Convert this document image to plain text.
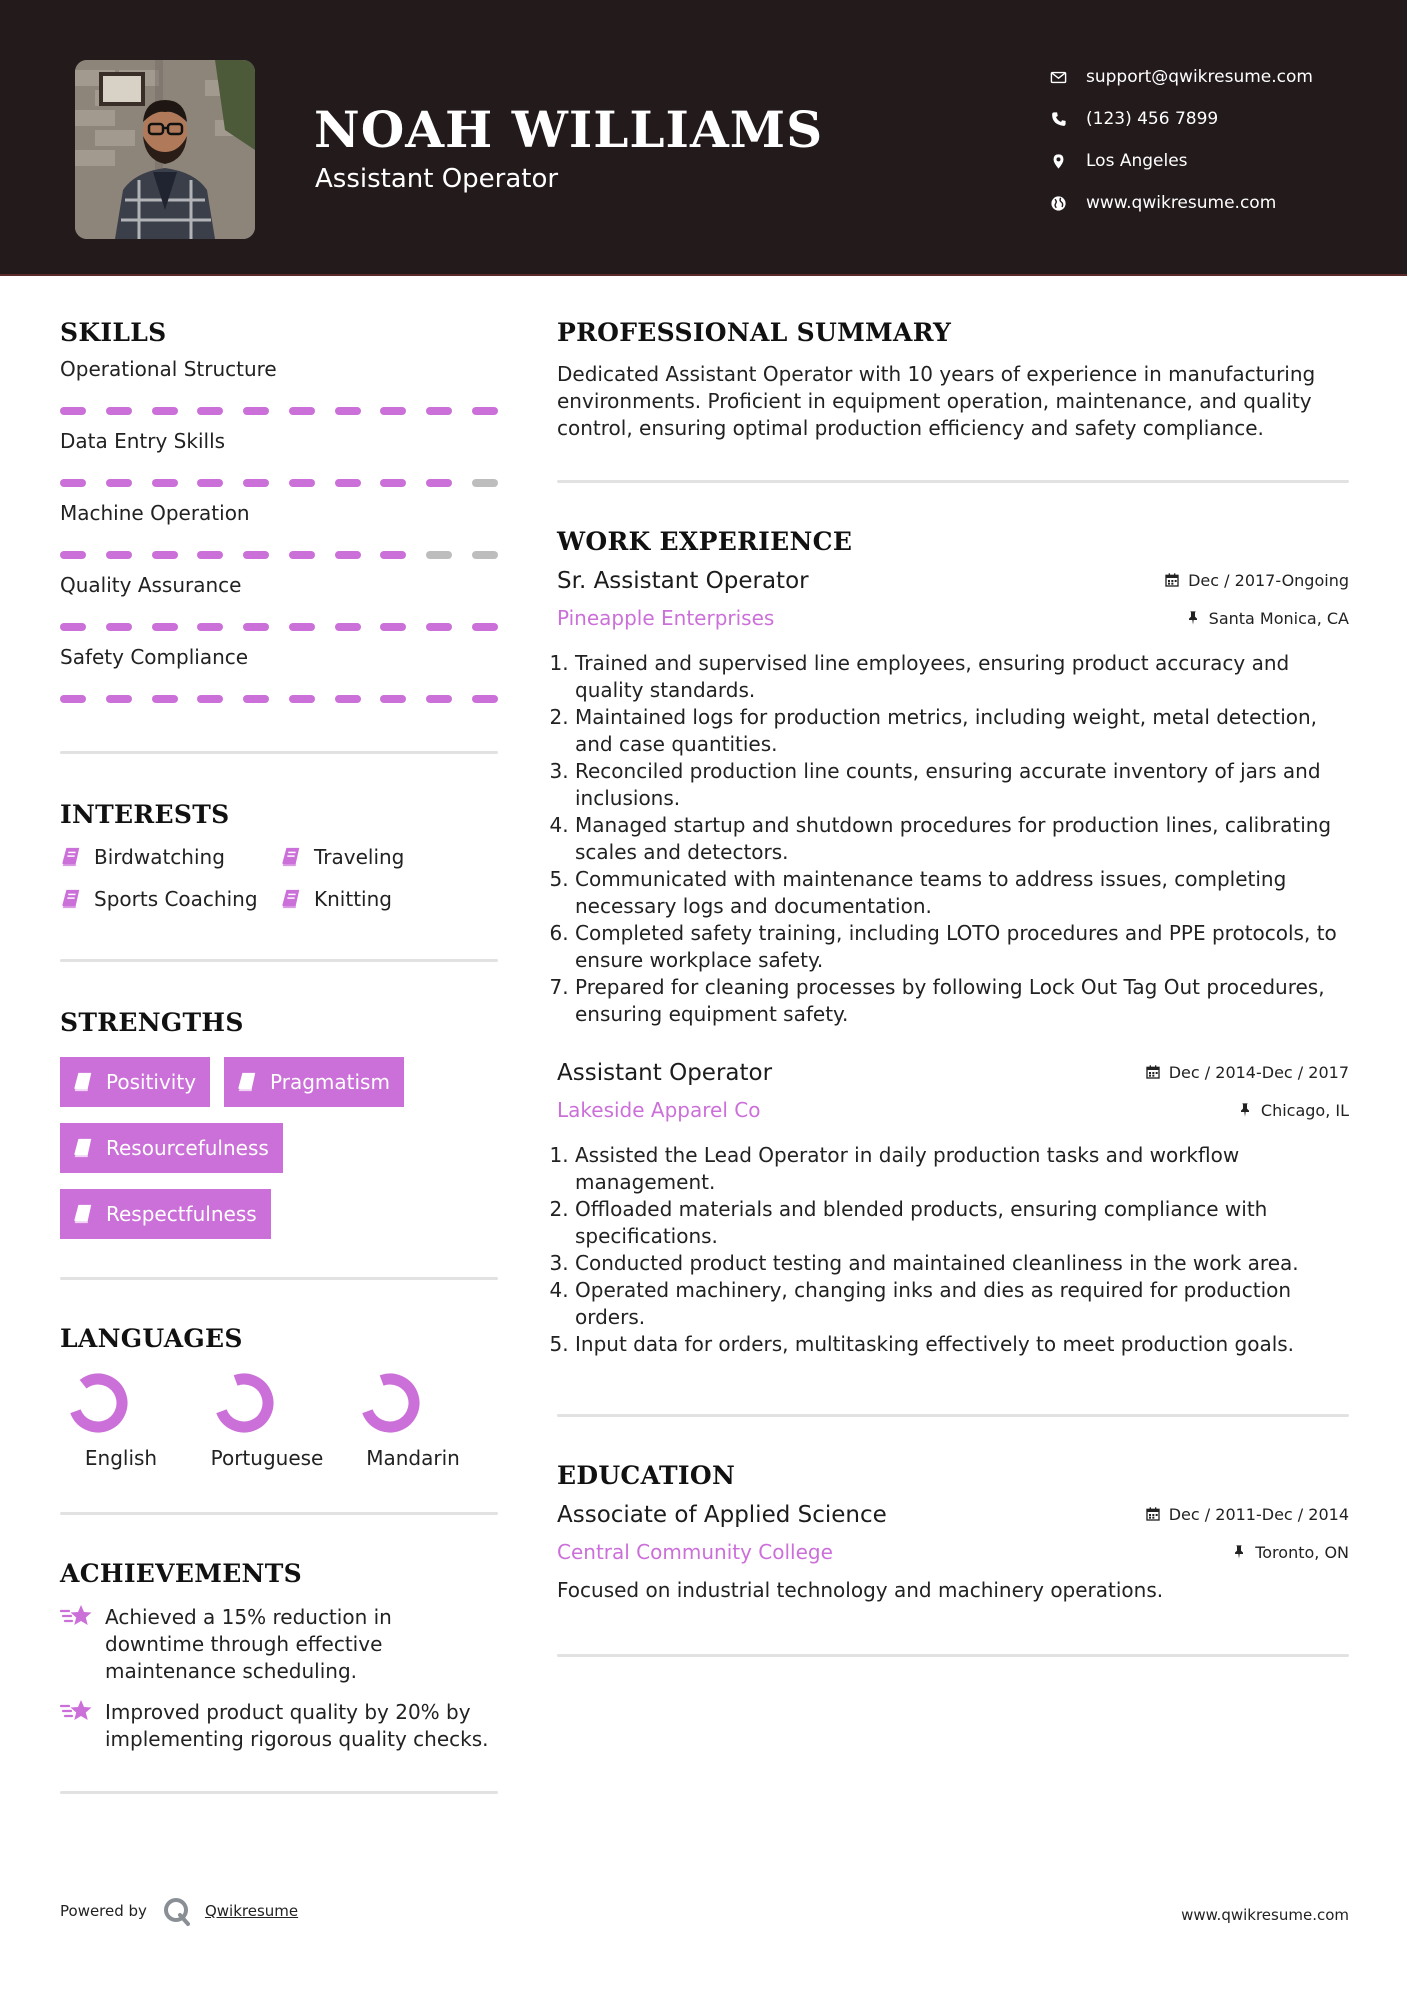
NOAH WILLIAMS
Assistant Operator
support@qwikresume.com
(123) 456 7899
Los Angeles
www.qwikresume.com
SKILLS
Operational Structure
Data Entry Skills
Machine Operation
Quality Assurance
Safety Compliance
INTERESTS
Birdwatching	Traveling
Sports Coaching	Knitting
STRENGTHS
Positivity	Pragmatism
Resourcefulness
Respectfulness
LANGUAGES
English	Portuguese	Mandarin
ACHIEVEMENTS
Achieved a 15% reduction in downtime through effective maintenance scheduling.
Improved product quality by 20% by implementing rigorous quality checks.
PROFESSIONAL SUMMARY
Dedicated Assistant Operator with 10 years of experience in manufacturing environments. Proficient in equipment operation, maintenance, and quality control, ensuring optimal production efficiency and safety compliance.
WORK EXPERIENCE
Sr. Assistant Operator	Dec / 2017-Ongoing
Pineapple Enterprises	Santa Monica, CA
1. Trained and supervised line employees, ensuring product accuracy and quality standards.
2. Maintained logs for production metrics, including weight, metal detection, and case quantities.
3. Reconciled production line counts, ensuring accurate inventory of jars and inclusions.
4. Managed startup and shutdown procedures for production lines, calibrating scales and detectors.
5. Communicated with maintenance teams to address issues, completing necessary logs and documentation.
6. Completed safety training, including LOTO procedures and PPE protocols, to ensure workplace safety.
7. Prepared for cleaning processes by following Lock Out Tag Out procedures, ensuring equipment safety.
Assistant Operator	Dec / 2014-Dec / 2017
Lakeside Apparel Co	Chicago, IL
1. Assisted the Lead Operator in daily production tasks and workflow management.
2. Offloaded materials and blended products, ensuring compliance with specifications.
3. Conducted product testing and maintained cleanliness in the work area.
4. Operated machinery, changing inks and dies as required for production orders.
5. Input data for orders, multitasking effectively to meet production goals.
EDUCATION
Associate of Applied Science	Dec / 2011-Dec / 2014
Central Community College	Toronto, ON
Focused on industrial technology and machinery operations.
Powered by	Qwikresume	www.qwikresume.com
